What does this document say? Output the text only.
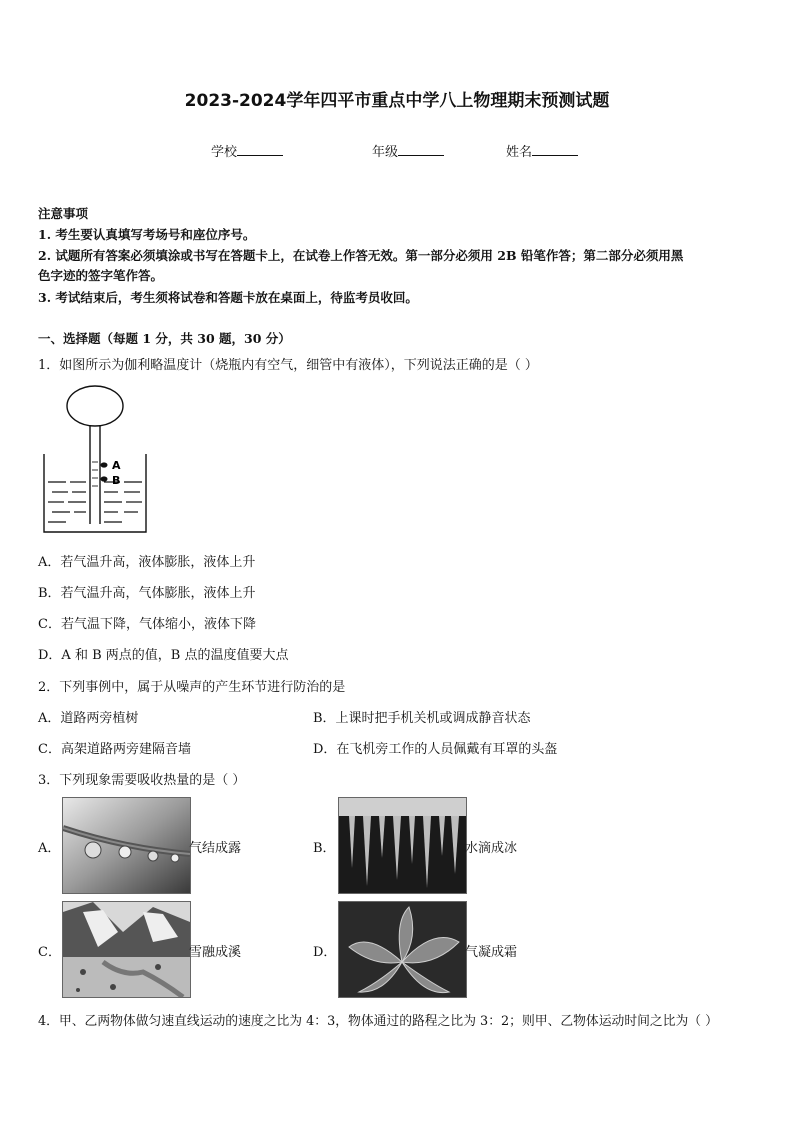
2023-2024学年四平市重点中学八上物理期末预测试题
学校	年级	姓名
注意事项
1. 考生要认真填写考场号和座位序号。
2. 试题所有答案必须填涂或书写在答题卡上，在试卷上作答无效。第一部分必须用 2B 铅笔作答；第二部分必须用黑
色字迹的签字笔作答。
3. 考试结束后，考生须将试卷和答题卡放在桌面上，待监考员收回。
一、选择题（每题 1 分，共 30 题，30 分）
1．如图所示为伽利略温度计（烧瓶内有空气，细管中有液体），下列说法正确的是（ ）
A
B
A．若气温升高，液体膨胀，液体上升
B．若气温升高，气体膨胀，液体上升
C．若气温下降，气体缩小，液体下降
D．A 和 B 两点的值，B 点的温度值要大点
2．下列事例中，属于从噪声的产生环节进行防治的是
A．道路两旁植树	B．上课时把手机关机或调成静音状态
C．高架道路两旁建隔音墙	D．在飞机旁工作的人员佩戴有耳罩的头盔
3．下列现象需要吸收热量的是（ ）
A．	气结成露	B．	水滴成冰
C．	雪融成溪	D．	气凝成霜
4．甲、乙两物体做匀速直线运动的速度之比为 4：3，物体通过的路程之比为 3：2；则甲、乙物体运动时间之比为（ ）
